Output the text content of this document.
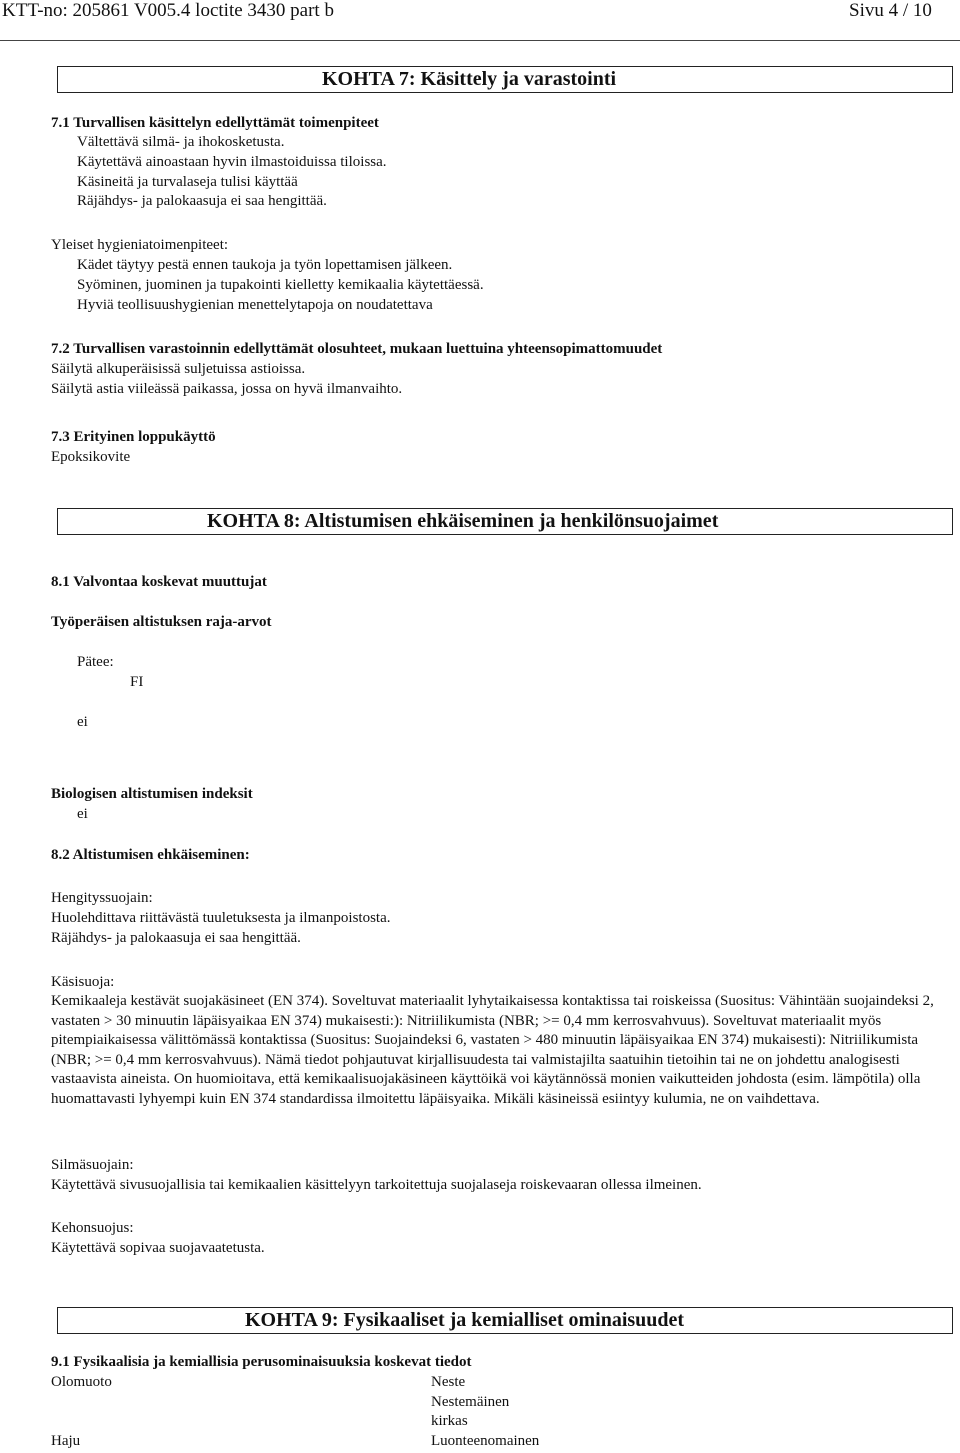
KTT-no: 205861 V005.4 loctite 3430 part b	Sivu 4 / 10
KOHTA 7: Käsittely ja varastointi
7.1 Turvallisen käsittelyn edellyttämät toimenpiteet
Vältettävä silmä- ja ihokosketusta.
Käytettävä ainoastaan hyvin ilmastoiduissa tiloissa.
Käsineitä ja turvalaseja tulisi käyttää
Räjähdys- ja palokaasuja ei saa hengittää.
Yleiset hygieniatoimenpiteet:
Kädet täytyy pestä ennen taukoja ja työn lopettamisen jälkeen.
Syöminen, juominen ja tupakointi kielletty kemikaalia käytettäessä.
Hyviä teollisuushygienian menettelytapoja on noudatettava
7.2 Turvallisen varastoinnin edellyttämät olosuhteet, mukaan luettuina yhteensopimattomuudet
Säilytä alkuperäisissä suljetuissa astioissa.
Säilytä astia viileässä paikassa, jossa on hyvä ilmanvaihto.
7.3 Erityinen loppukäyttö
Epoksikovite
KOHTA 8: Altistumisen ehkäiseminen ja henkilönsuojaimet
8.1 Valvontaa koskevat muuttujat
Työperäisen altistuksen raja-arvot
Pätee:
FI
ei
Biologisen altistumisen indeksit
ei
8.2 Altistumisen ehkäiseminen:
Hengityssuojain:
Huolehdittava riittävästä tuuletuksesta ja ilmanpoistosta.
Räjähdys- ja palokaasuja ei saa hengittää.
Käsisuoja:
Kemikaaleja kestävät suojakäsineet (EN 374). Soveltuvat materiaalit lyhytaikaisessa kontaktissa tai roiskeissa (Suositus: Vähintään suojaindeksi 2, vastaten > 30 minuutin läpäisyaikaa EN 374) mukaisesti:): Nitriilikumista (NBR; >= 0,4 mm kerrosvahvuus). Soveltuvat materiaalit myös pitempiaikaisessa välittömässä kontaktissa (Suositus: Suojaindeksi 6, vastaten > 480 minuutin läpäisyaikaa EN 374) mukaisesti): Nitriilikumista (NBR; >= 0,4 mm kerrosvahvuus). Nämä tiedot pohjautuvat kirjallisuudesta tai valmistajilta saatuihin tietoihin tai ne on johdettu analogisesti vastaavista aineista. On huomioitava, että kemikaalisuojakäsineen käyttöikä voi käytännössä monien vaikutteiden johdosta (esim. lämpötila) olla huomattavasti lyhyempi kuin EN 374 standardissa ilmoitettu läpäisyaika. Mikäli käsineissä esiintyy kulumia, ne on vaihdettava.
Silmäsuojain:
Käytettävä sivusuojallisia tai kemikaalien käsittelyyn tarkoitettuja suojalaseja roiskevaaran ollessa ilmeinen.
Kehonsuojus:
Käytettävä sopivaa suojavaatetusta.
KOHTA 9: Fysikaaliset ja kemialliset ominaisuudet
9.1 Fysikaalisia ja kemiallisia perusominaisuuksia koskevat tiedot
Olomuoto	Neste
Nestemäinen
kirkas
Haju	Luonteenomainen
